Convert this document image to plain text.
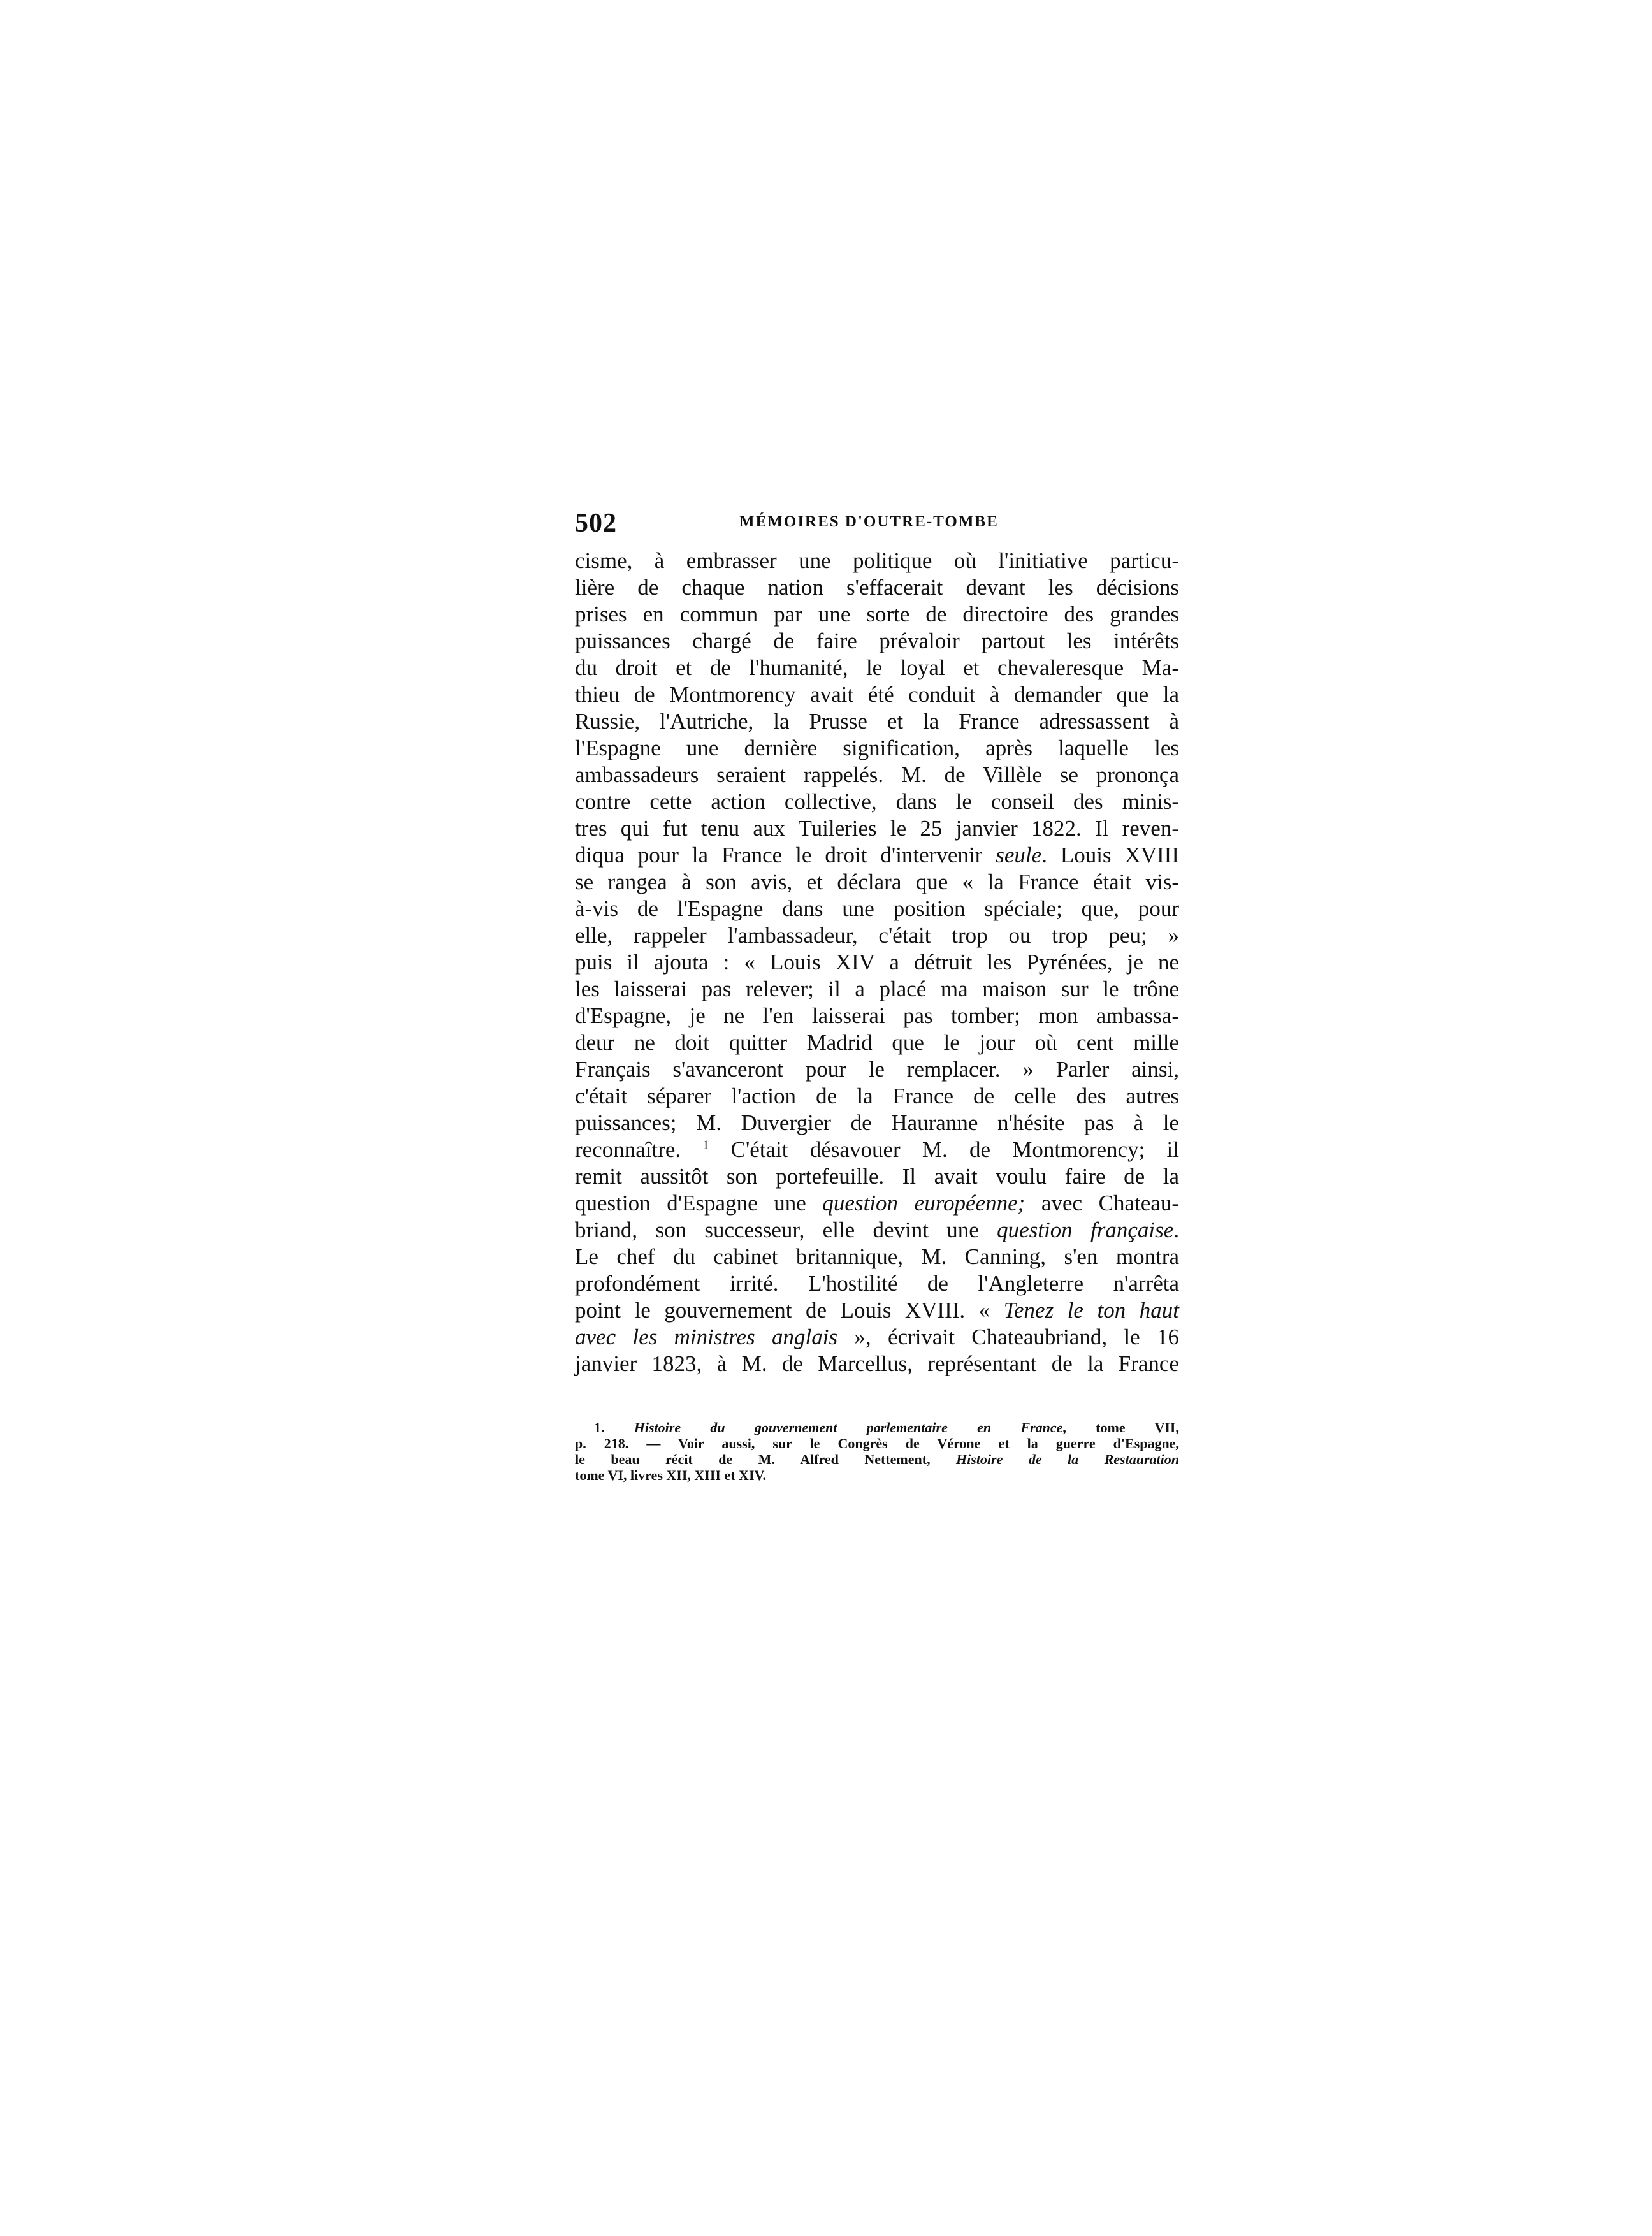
502	MÉMOIRES D'OUTRE-TOMBE
cisme, à embrasser une politique où l'initiative particu-
lière de chaque nation s'effacerait devant les décisions
prises en commun par une sorte de directoire des grandes
puissances chargé de faire prévaloir partout les intérêts
du droit et de l'humanité, le loyal et chevaleresque Ma-
thieu de Montmorency avait été conduit à demander que la
Russie, l'Autriche, la Prusse et la France adressassent à
l'Espagne une dernière signification, après laquelle les
ambassadeurs seraient rappelés. M. de Villèle se prononça
contre cette action collective, dans le conseil des minis-
tres qui fut tenu aux Tuileries le 25 janvier 1822. Il reven-
diqua pour la France le droit d'intervenir seule. Louis XVIII
se rangea à son avis, et déclara que « la France était vis-
à-vis de l'Espagne dans une position spéciale; que, pour
elle, rappeler l'ambassadeur, c'était trop ou trop peu; »
puis il ajouta : « Louis XIV a détruit les Pyrénées, je ne
les laisserai pas relever; il a placé ma maison sur le trône
d'Espagne, je ne l'en laisserai pas tomber; mon ambassa-
deur ne doit quitter Madrid que le jour où cent mille
Français s'avanceront pour le remplacer. » Parler ainsi,
c'était séparer l'action de la France de celle des autres
puissances; M. Duvergier de Hauranne n'hésite pas à le
reconnaître. $^1$ C'était désavouer M. de Montmorency; il
remit aussitôt son portefeuille. Il avait voulu faire de la
question d'Espagne une question européenne; avec Chateau-
briand, son successeur, elle devint une question française.
Le chef du cabinet britannique, M. Canning, s'en montra
profondément irrité. L'hostilité de l'Angleterre n'arrêta
point le gouvernement de Louis XVIII. « Tenez le ton haut
avec les ministres anglais », écrivait Chateaubriand, le 16
janvier 1823, à M. de Marcellus, représentant de la France
1. Histoire du gouvernement parlementaire en France, tome VII,
p. 218. — Voir aussi, sur le Congrès de Vérone et la guerre d'Espagne,
le beau récit de M. Alfred Nettement, Histoire de la Restauration
tome VI, livres XII, XIII et XIV.
